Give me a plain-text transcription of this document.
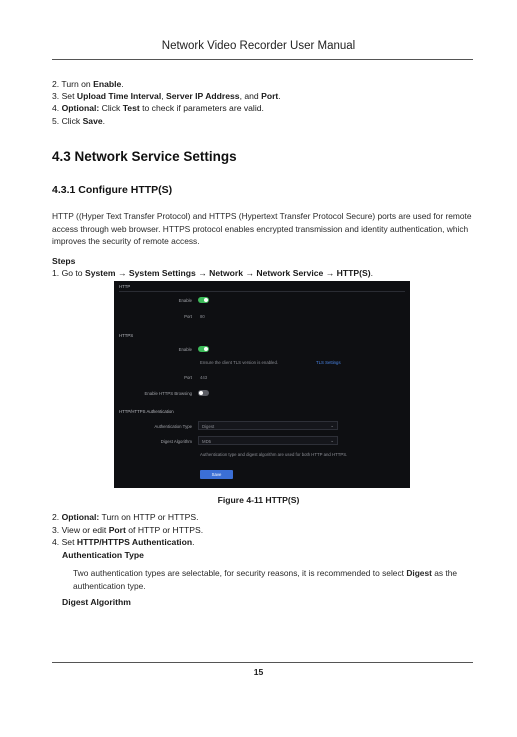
Network Video Recorder User Manual
2. Turn on Enable.
3. Set Upload Time Interval, Server IP Address, and Port.
4. Optional: Click Test to check if parameters are valid.
5. Click Save.
4.3 Network Service Settings
4.3.1 Configure HTTP(S)
HTTP ((Hyper Text Transfer Protocol) and HTTPS (Hypertext Transfer Protocol Secure) ports are used for remote access through web browser. HTTPS protocol enables encrypted transmission and identity authentication, which improves the security of remote access.
Steps
1. Go to System → System Settings → Network → Network Service → HTTP(S).
HTTP
Enable
Port 80
HTTPS
Enable
Ensure the client TLS version is enabled.	TLS Settings
Port 443
Enable HTTPS Browsing
HTTP/HTTPS Authentication
Authentication Type Digest	⌄
Digest Algorithm MD5	⌄
Authentication type and digest algorithm are used for both HTTP and HTTPS.
Save
Figure 4-11 HTTP(S)
2. Optional: Turn on HTTP or HTTPS.
3. View or edit Port of HTTP or HTTPS.
4. Set HTTP/HTTPS Authentication.
Authentication Type
Two authentication types are selectable, for security reasons, it is recommended to select Digest as the authentication type.
Digest Algorithm
15
